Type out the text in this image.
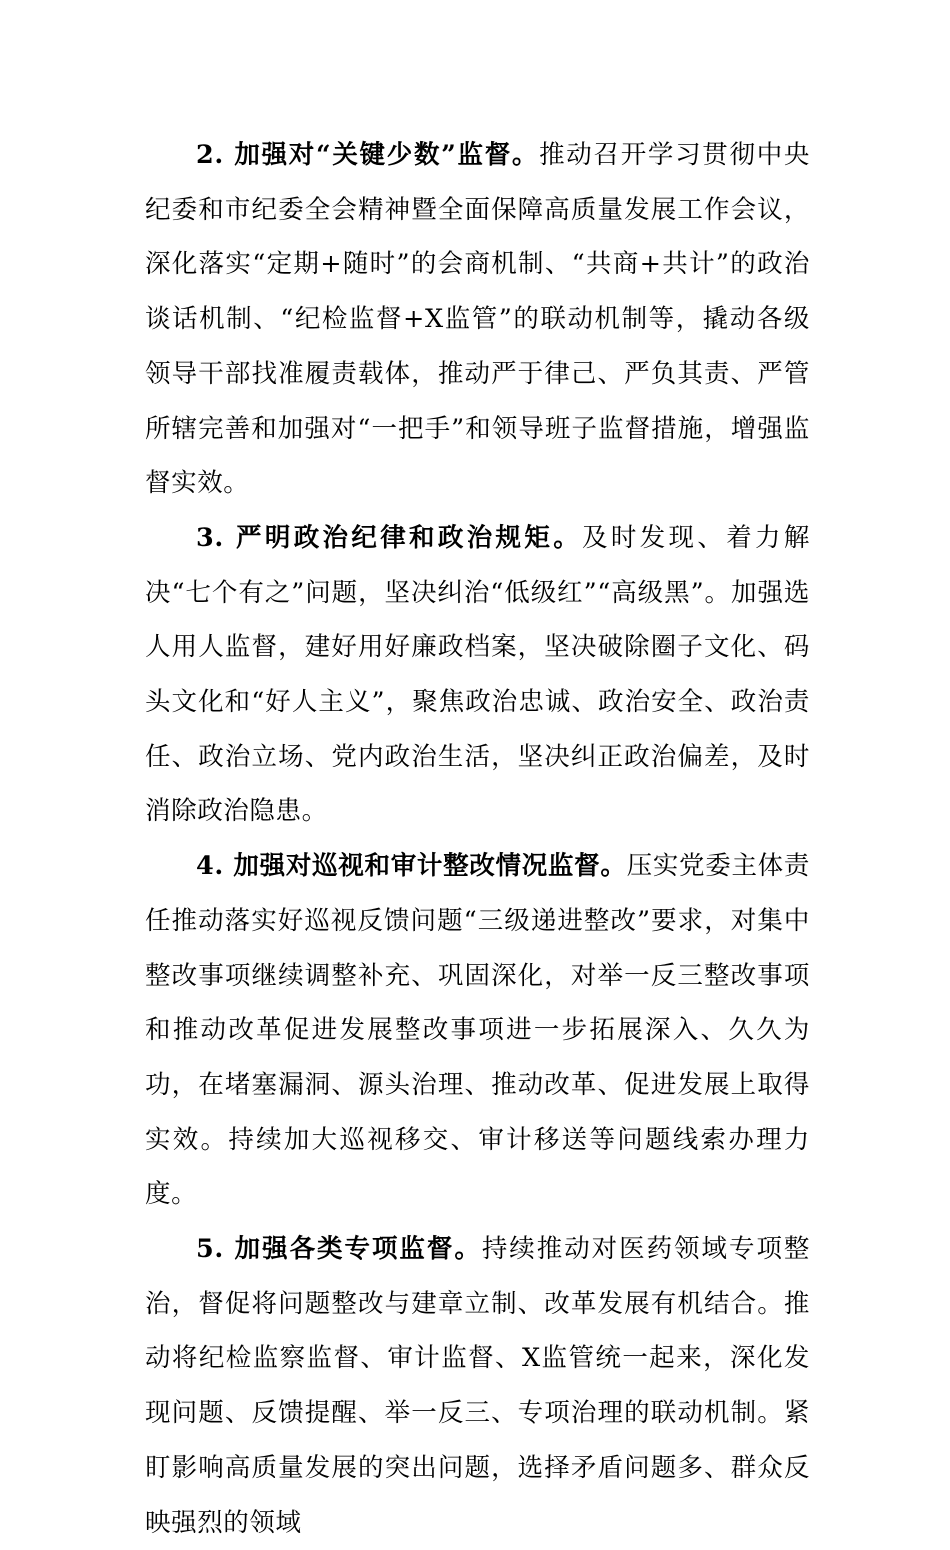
2. 加强对“关键少数”监督。推动召开学习贯彻中央纪委和市纪委全会精神暨全面保障高质量发展工作会议，深化落实“定期+随时”的会商机制、“共商+共计”的政治谈话机制、“纪检监督+X监管”的联动机制等，撬动各级领导干部找准履责载体，推动严于律己、严负其责、严管所辖完善和加强对“一把手”和领导班子监督措施，增强监督实效。

3. 严明政治纪律和政治规矩。及时发现、着力解决“七个有之”问题，坚决纠治“低级红”“高级黑”。加强选人用人监督，建好用好廉政档案，坚决破除圈子文化、码头文化和“好人主义”，聚焦政治忠诚、政治安全、政治责任、政治立场、党内政治生活，坚决纠正政治偏差，及时消除政治隐患。

4. 加强对巡视和审计整改情况监督。压实党委主体责任推动落实好巡视反馈问题“三级递进整改”要求，对集中整改事项继续调整补充、巩固深化，对举一反三整改事项和推动改革促进发展整改事项进一步拓展深入、久久为功，在堵塞漏洞、源头治理、推动改革、促进发展上取得实效。持续加大巡视移交、审计移送等问题线索办理力度。

5. 加强各类专项监督。持续推动对医药领域专项整治，督促将问题整改与建章立制、改革发展有机结合。推动将纪检监察监督、审计监督、X监管统一起来，深化发现问题、反馈提醒、举一反三、专项治理的联动机制。紧盯影响高质量发展的突出问题，选择矛盾问题多、群众反映强烈的领域
